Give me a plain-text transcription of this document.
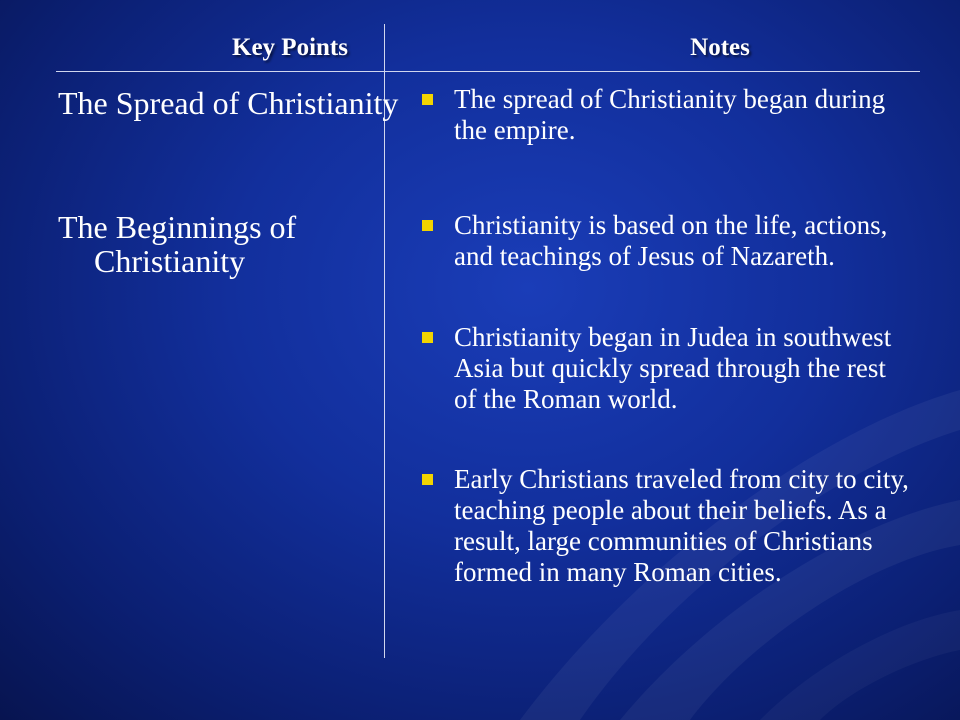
Key Points	Notes
The Spread of Christianity
The Beginnings of Christianity
The spread of Christianity began during the empire.
Christianity is based on the life, actions, and teachings of Jesus of Nazareth.
Christianity began in Judea in southwest Asia but quickly spread through the rest of the Roman world.
Early Christians traveled from city to city, teaching people about their beliefs. As a result, large communities of Christians formed in many Roman cities.
